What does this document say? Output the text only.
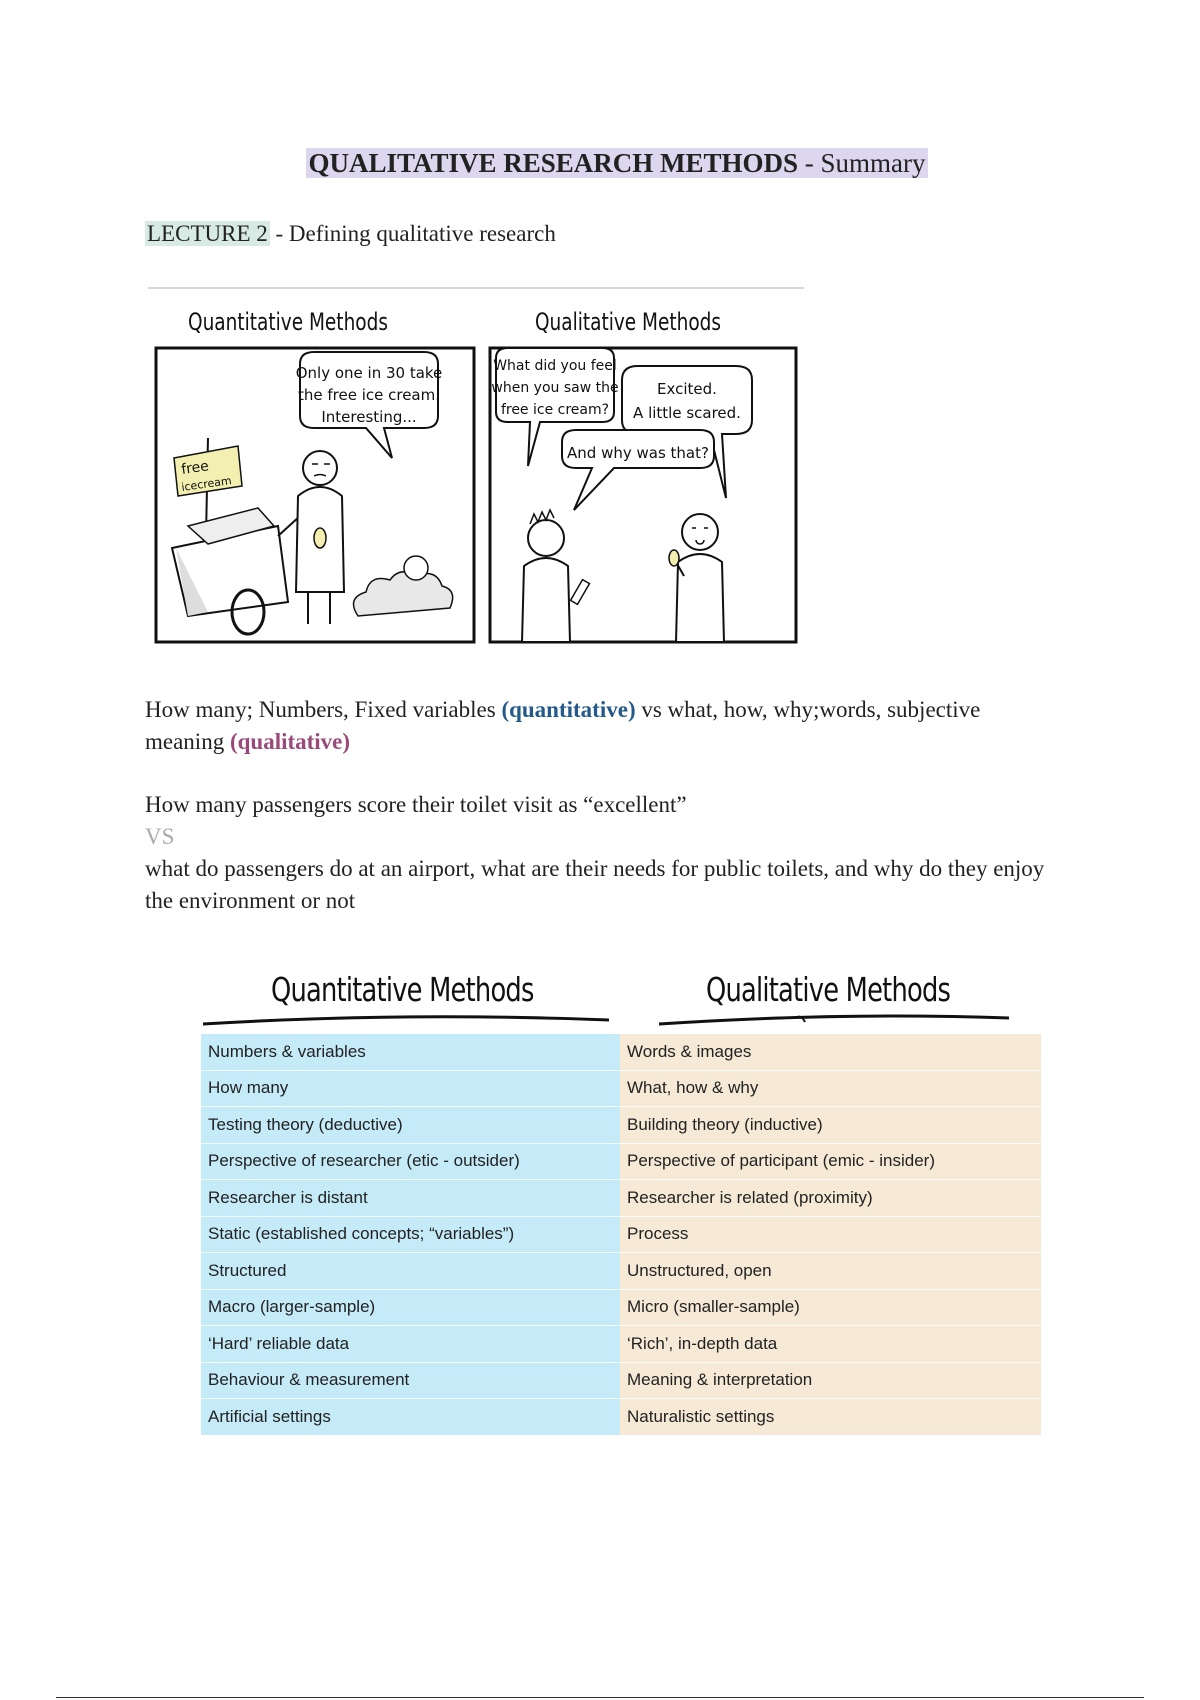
QUALITATIVE RESEARCH METHODS - Summary
LECTURE 2 - Defining qualitative research
Quantitative Methods	Qualitative Methods
free
icecream
Only one in 30 take
the free ice cream.
Interesting...
What did you feel
when you saw the
free ice cream?
Excited.
A little scared.
And why was that?
How many; Numbers, Fixed variables (quantitative) vs what, how, why;words, subjective meaning (qualitative)
How many passengers score their toilet visit as “excellent”
VS
what do passengers do at an airport, what are their needs for public toilets, and why do they enjoy the environment or not
Quantitative Methods	Qualitative Methods
Numbers & variables	Words & images
How many	What, how & why
Testing theory (deductive)	Building theory (inductive)
Perspective of researcher (etic - outsider)	Perspective of participant (emic - insider)
Researcher is distant	Researcher is related (proximity)
Static (established concepts; “variables”)	Process
Structured	Unstructured, open
Macro (larger-sample)	Micro (smaller-sample)
‘Hard’ reliable data	‘Rich’, in-depth data
Behaviour & measurement	Meaning & interpretation
Artificial settings	Naturalistic settings
